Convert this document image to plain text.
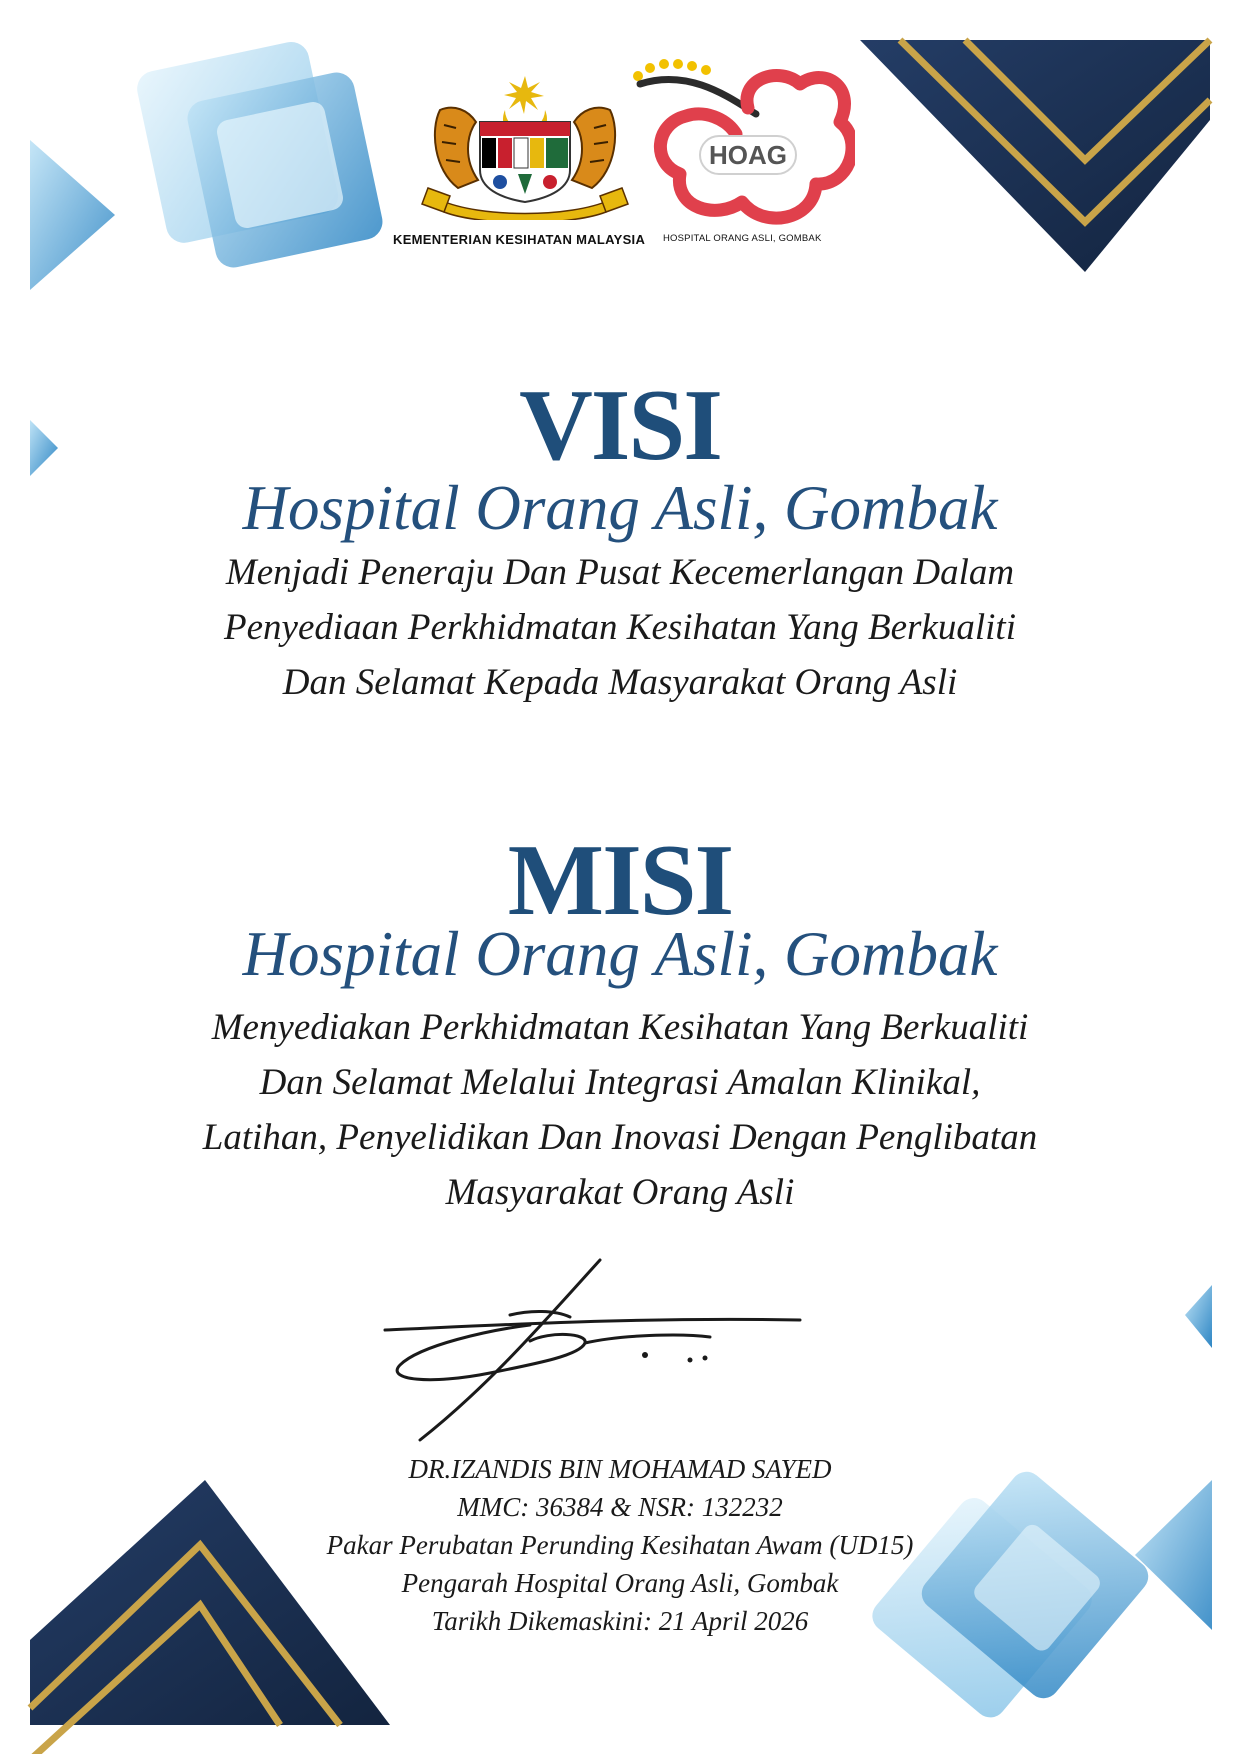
KEMENTERIAN KESIHATAN MALAYSIA
HOAG
HOSPITAL ORANG ASLI, GOMBAK
VISI
Hospital Orang Asli, Gombak
Menjadi Peneraju Dan Pusat Kecemerlangan Dalam
Penyediaan Perkhidmatan Kesihatan Yang Berkualiti
Dan Selamat Kepada Masyarakat Orang Asli
MISI
Hospital Orang Asli, Gombak
Menyediakan Perkhidmatan Kesihatan Yang Berkualiti
Dan Selamat Melalui Integrasi Amalan Klinikal,
Latihan, Penyelidikan Dan Inovasi Dengan Penglibatan
Masyarakat Orang Asli
DR.IZANDIS BIN MOHAMAD SAYED
MMC: 36384 & NSR: 132232
Pakar Perubatan Perunding Kesihatan Awam (UD15)
Pengarah Hospital Orang Asli, Gombak
Tarikh Dikemaskini: 21 April 2026
